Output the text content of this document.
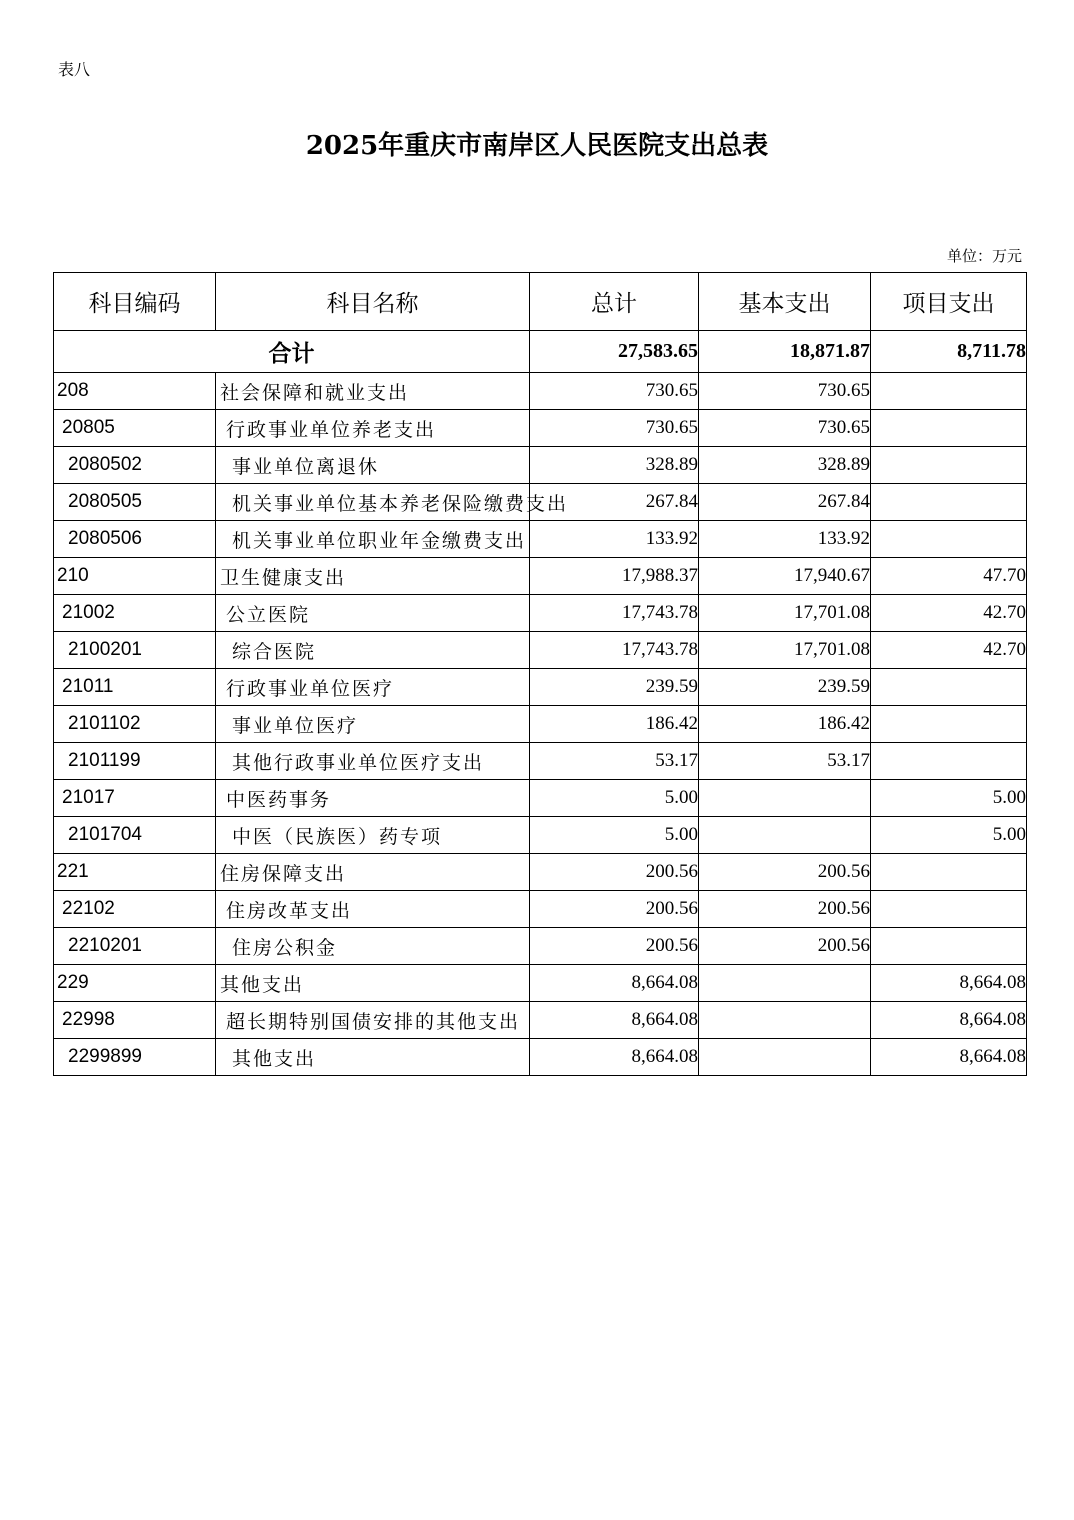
表八
2025年重庆市南岸区人民医院支出总表
单位：万元
科目编码	科目名称	总计	基本支出	项目支出
合计		27,583.65	18,871.87	8,711.78
208	社会保障和就业支出	730.65	730.65	
20805	行政事业单位养老支出	730.65	730.65	
2080502	事业单位离退休	328.89	328.89	
2080505	机关事业单位基本养老保险缴费支出	267.84	267.84	
2080506	机关事业单位职业年金缴费支出	133.92	133.92	
210	卫生健康支出	17,988.37	17,940.67	47.70
21002	公立医院	17,743.78	17,701.08	42.70
2100201	综合医院	17,743.78	17,701.08	42.70
21011	行政事业单位医疗	239.59	239.59	
2101102	事业单位医疗	186.42	186.42	
2101199	其他行政事业单位医疗支出	53.17	53.17	
21017	中医药事务	5.00		5.00
2101704	中医（民族医）药专项	5.00		5.00
221	住房保障支出	200.56	200.56	
22102	住房改革支出	200.56	200.56	
2210201	住房公积金	200.56	200.56	
229	其他支出	8,664.08		8,664.08
22998	超长期特别国债安排的其他支出	8,664.08		8,664.08
2299899	其他支出	8,664.08		8,664.08
